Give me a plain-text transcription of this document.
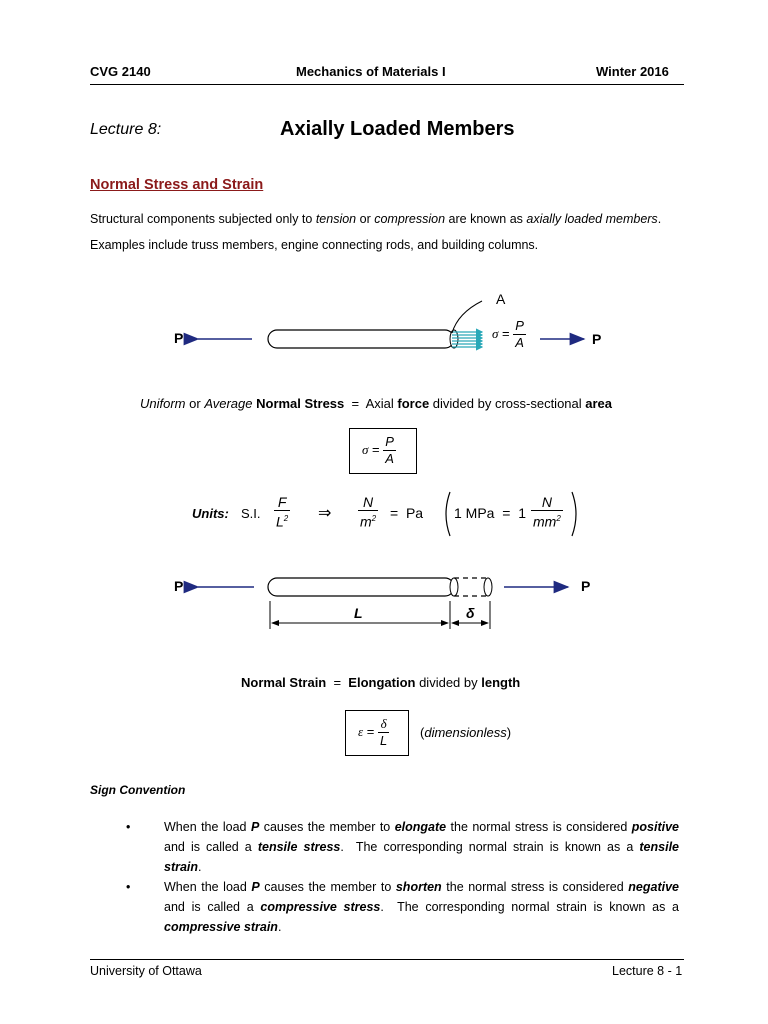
CVG 2140	Mechanics of Materials I	Winter 2016
Lecture 8:	Axially Loaded Members
Normal Stress and Strain
Structural components subjected only to tension or compression are known as axially loaded members.
Examples include truss members, engine connecting rods, and building columns.
P	P
A
$\sigma = \frac{P}{A}$
Uniform or Average Normal Stress  =  Axial force divided by cross-sectional area
$\sigma = \frac{P}{A}$
Units: S.I. $\frac{F}{L^2}$ ⇒ $\frac{N}{m^2} = Pa$ 1 MPa  =  $1 \frac{N}{mm^2}$
P	P
L	δ
Normal Strain  =  Elongation divided by length
$\varepsilon = \frac{\delta}{L}$ (dimensionless)
Sign Convention
•	When the load P causes the member to elongate the normal stress is considered positive and is called a tensile stress.  The corresponding normal strain is known as a tensile strain.
•	When the load P causes the member to shorten the normal stress is considered negative and is called a compressive stress.  The corresponding normal strain is known as a compressive strain.
University of Ottawa	Lecture 8 - 1
